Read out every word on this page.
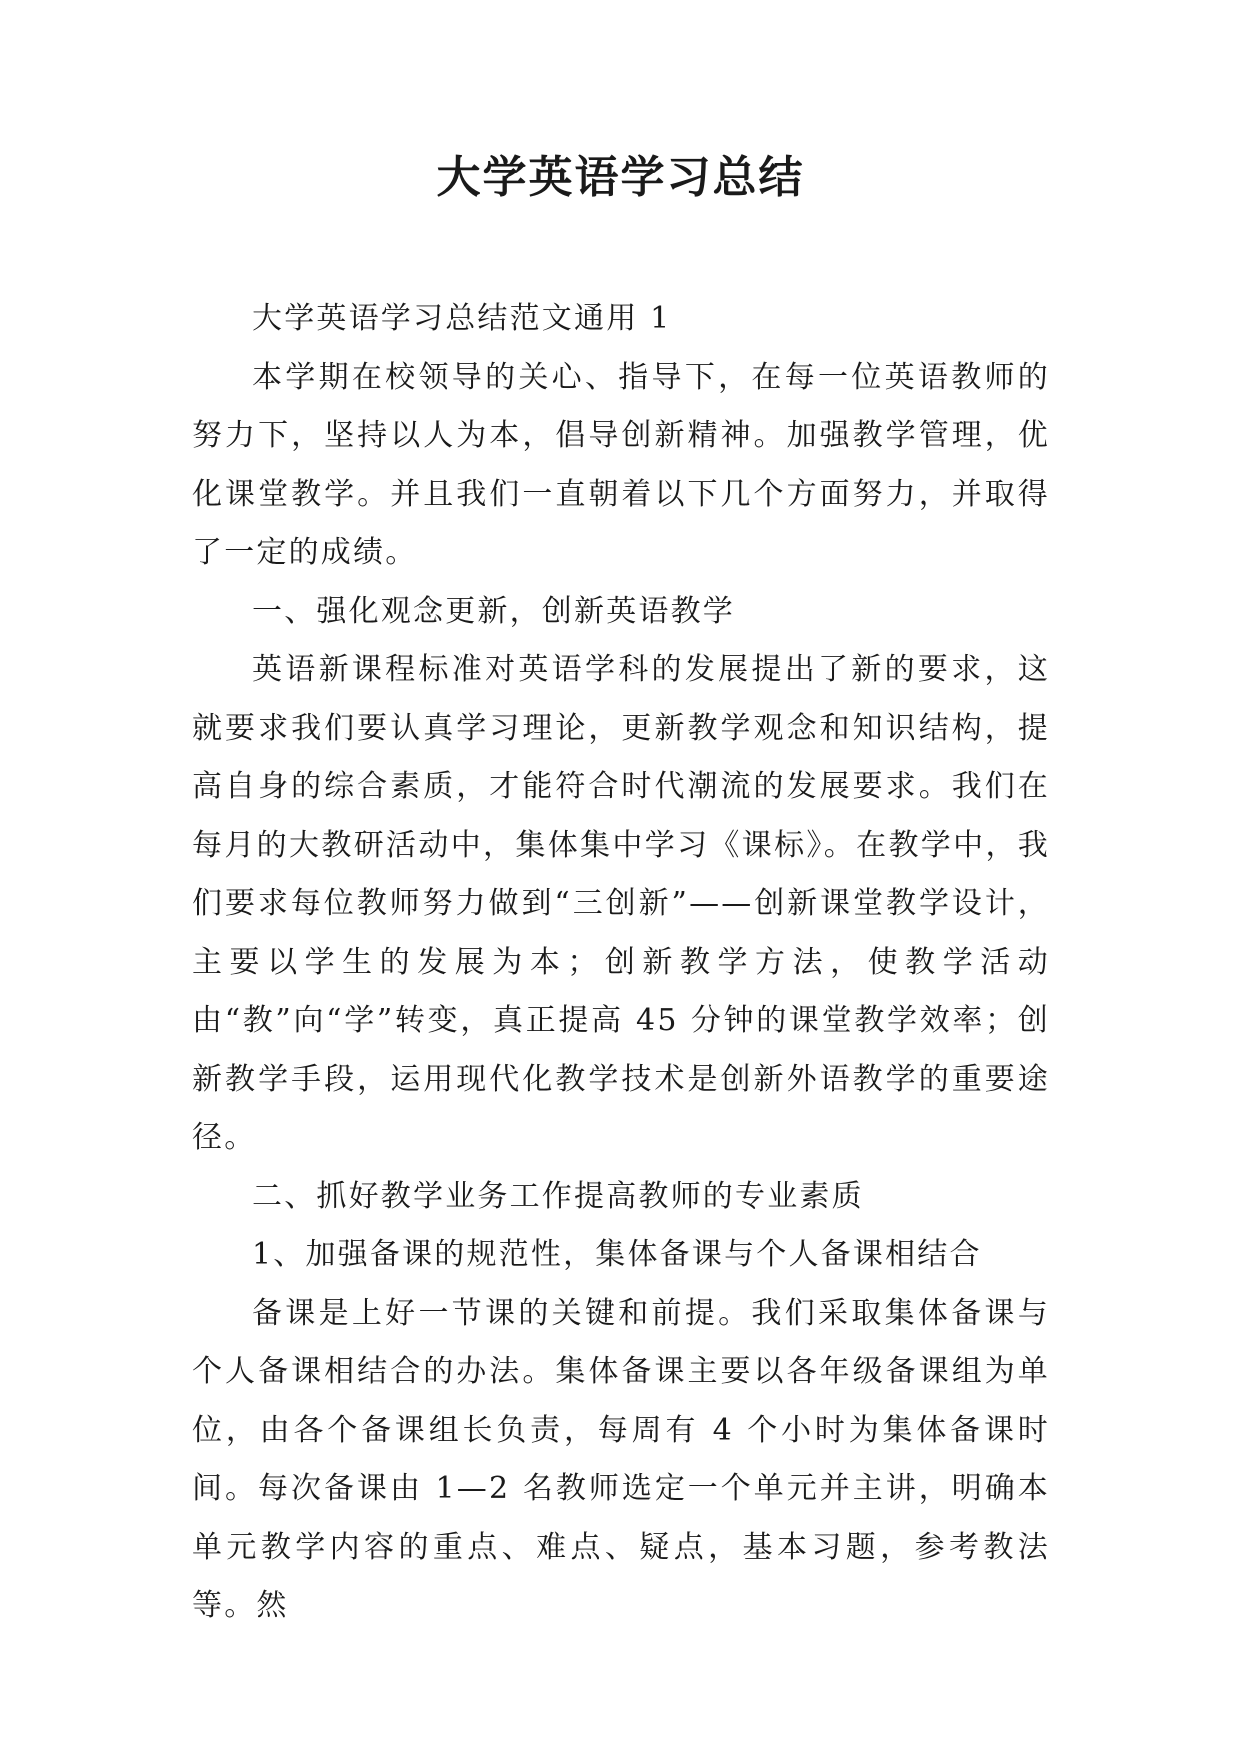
大学英语学习总结

大学英语学习总结范文通用 1

本学期在校领导的关心、指导下，在每一位英语教师的努力下，坚持以人为本，倡导创新精神。加强教学管理，优化课堂教学。并且我们一直朝着以下几个方面努力，并取得了一定的成绩。

一、强化观念更新，创新英语教学

英语新课程标准对英语学科的发展提出了新的要求，这就要求我们要认真学习理论，更新教学观念和知识结构，提高自身的综合素质，才能符合时代潮流的发展要求。我们在每月的大教研活动中，集体集中学习《课标》。在教学中，我们要求每位教师努力做到“三创新”——创新课堂教学设计，主要以学生的发展为本；创新教学方法，使教学活动由“教”向“学”转变，真正提高 45 分钟的课堂教学效率；创新教学手段，运用现代化教学技术是创新外语教学的重要途径。

二、抓好教学业务工作提高教师的专业素质

1、加强备课的规范性，集体备课与个人备课相结合

备课是上好一节课的关键和前提。我们采取集体备课与个人备课相结合的办法。集体备课主要以各年级备课组为单位，由各个备课组长负责，每周有 4 个小时为集体备课时间。每次备课由 1—2 名教师选定一个单元并主讲，明确本单元教学内容的重点、难点、疑点，基本习题，参考教法等。然
